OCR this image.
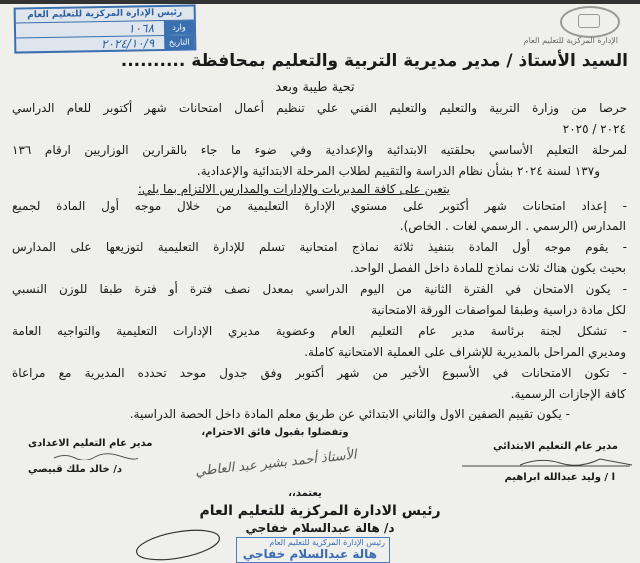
رئيس الإدارة المركزية للتعليم العام
وارد
١٠٦٨
التاريخ
٢٠٢٤/١٠/٩	الإدارة المركزية للتعليم العام
السيد الأستاذ / مدير مديرية التربية والتعليم بمحافظة ..........
تحية طيبة وبعد
حرصا من وزارة التربية والتعليم والتعليم الفني علي تنظيم أعمال امتحانات شهر أكتوبر للعام الدراسي
٢٠٢٤ / ٢٠٢٥
لمرحلة التعليم الأساسي بحلقتيه الابتدائية والإعدادية وفي ضوء ما جاء بالقرارين الوزاريين ارقام ١٣٦
و١٣٧ لسنة ٢٠٢٤ بشأن نظام الدراسة والتقييم لطلاب المرحلة الابتدائية والإعدادية.
يتعين على كافة المديريات والإدارات والمدارس الالتزام بما يلي:
- إعداد امتحانات شهر أكتوبر على مستوي الإدارة التعليمية من خلال موجه أول المادة لجميع
المدارس (الرسمي . الرسمي لغات . الخاص).
- يقوم موجه أول المادة بتنفيذ ثلاثة نماذج امتحانية تسلم للإدارة التعليمية لتوزيعها على المدارس
بحيث يكون هناك ثلاث نماذج للمادة داخل الفصل الواحد.
- يكون الامتحان في الفترة الثانية من اليوم الدراسي بمعدل نصف فترة أو فترة طبقا للوزن النسبي
لكل مادة دراسية وطبقا لمواصفات الورقة الامتحانية
- تشكل لجنة برئاسة مدير عام التعليم العام وعضوية مديري الإدارات التعليمية والتواجيه العامة
ومديري المراحل بالمديرية للإشراف على العملية الامتحانية كاملة.
- تكون الامتحانات في الأسبوع الأخير من شهر أكتوبر وفق جدول موحد تحدده المديرية مع مراعاة
كافة الإجازات الرسمية.
- يكون تقييم الصفين الاول والثاني الابتدائي عن طريق معلم المادة داخل الحصة الدراسية.
وتفضلوا بقبول فائق الاحترام،
مدير عام التعليم الاعدادى
د/ خالد ملك قبيصي
مدير عام التعليم الابتدائي
ا / وليد عبدالله ابراهيم
الأستاذ أحمد بشير عبد العاطي
يعتمد،،
رئيس الادارة المركزية للتعليم العام
د/ هالة عبدالسلام خفاجي
رئيس الإدارة المركزية للتعليم العام
هالة عبدالسلام خفاجي
